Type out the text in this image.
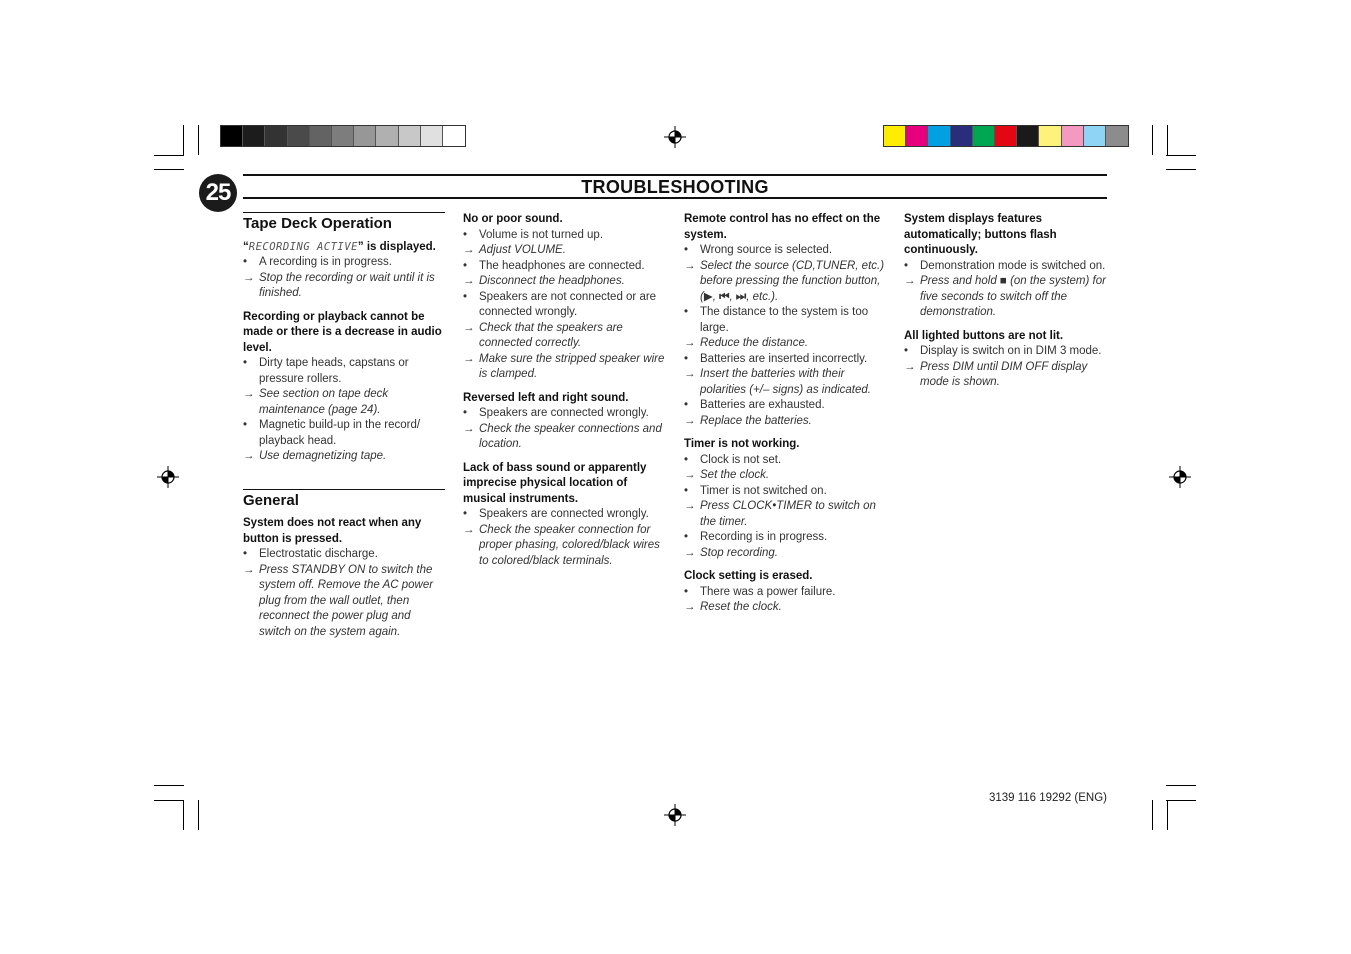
25	TROUBLESHOOTING
Tape Deck Operation
“RECORDING ACTIVE” is displayed.
•	A recording is in progress.
→ Stop the recording or wait until it is finished.
Recording or playback cannot be made or there is a decrease in audio level.
•	Dirty tape heads, capstans or pressure rollers.
→ See section on tape deck maintenance (page 24).
•	Magnetic build-up in the record/ playback head.
→ Use demagnetizing tape.
General
System does not react when any button is pressed.
•	Electrostatic discharge.
→ Press STANDBY ON to switch the system off. Remove the AC power plug from the wall outlet, then reconnect the power plug and switch on the system again.
No or poor sound.
•	Volume is not turned up.
→ Adjust VOLUME.
•	The headphones are connected.
→ Disconnect the headphones.
•	Speakers are not connected or are connected wrongly.
→ Check that the speakers are connected correctly.
→ Make sure the stripped speaker wire is clamped.
Reversed left and right sound.
•	Speakers are connected wrongly.
→ Check the speaker connections and location.
Lack of bass sound or apparently imprecise physical location of musical instruments.
•	Speakers are connected wrongly.
→ Check the speaker connection for proper phasing, colored/black wires to colored/black terminals.
Remote control has no effect on the system.
•	Wrong source is selected.
→ Select the source (CD,TUNER, etc.) before pressing the function button, (▶, ⏮, ⏭, etc.).
•	The distance to the system is too large.
→ Reduce the distance.
•	Batteries are inserted incorrectly.
→ Insert the batteries with their polarities (+/– signs) as indicated.
•	Batteries are exhausted.
→ Replace the batteries.
Timer is not working.
•	Clock is not set.
→ Set the clock.
•	Timer is not switched on.
→ Press CLOCK•TIMER to switch on the timer.
•	Recording is in progress.
→ Stop recording.
Clock setting is erased.
•	There was a power failure.
→ Reset the clock.
System displays features automatically; buttons flash continuously.
•	Demonstration mode is switched on.
→ Press and hold ■ (on the system) for five seconds to switch off the demonstration.
All lighted buttons are not lit.
•	Display is switch on in DIM 3 mode.
→ Press DIM until DIM OFF display mode is shown.
3139 116 19292 (ENG)
